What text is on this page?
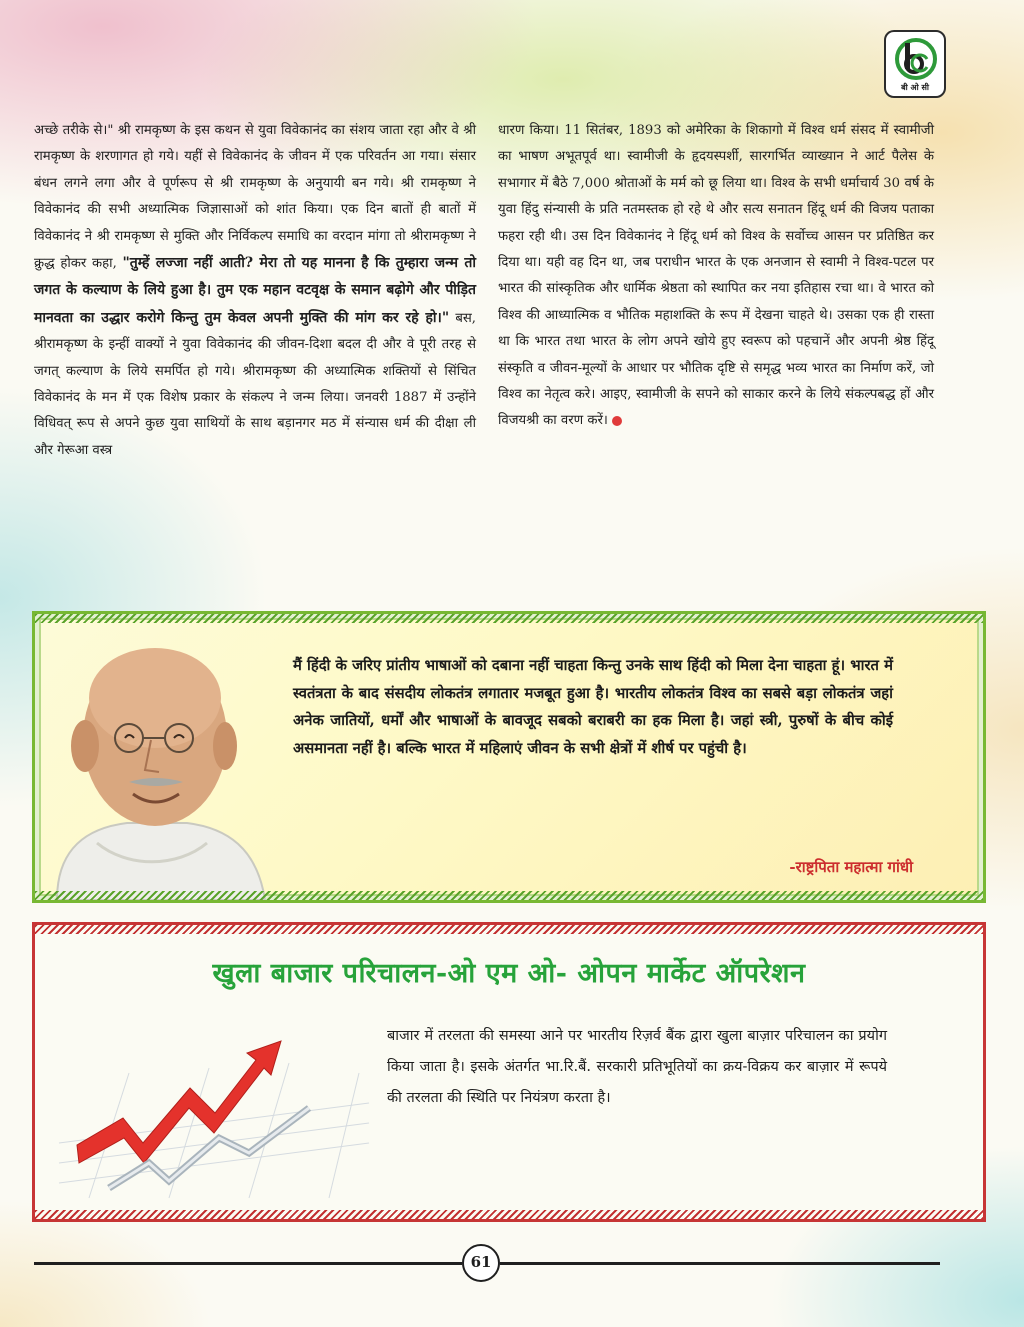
बी ओ सी

अच्छे तरीके से।" श्री रामकृष्ण के इस कथन से युवा विवेकानंद का संशय जाता रहा और वे श्री रामकृष्ण के शरणागत हो गये। यहीं से विवेकानंद के जीवन में एक परिवर्तन आ गया। संसार बंधन लगने लगा और वे पूर्णरूप से श्री रामकृष्ण के अनुयायी बन गये। श्री रामकृष्ण ने विवेकानंद की सभी अध्यात्मिक जिज्ञासाओं को शांत किया। एक दिन बातों ही बातों में विवेकानंद ने श्री रामकृष्ण से मुक्ति और निर्विकल्प समाधि का वरदान मांगा तो श्रीरामकृष्ण ने क्रुद्ध होकर कहा, "तुम्हें लज्जा नहीं आती? मेरा तो यह मानना है कि तुम्हारा जन्म तो जगत के कल्याण के लिये हुआ है। तुम एक महान वटवृक्ष के समान बढ़ोगे और पीड़ित मानवता का उद्धार करोगे किन्तु तुम केवल अपनी मुक्ति की मांग कर रहे हो।" बस, श्रीरामकृष्ण के इन्हीं वाक्यों ने युवा विवेकानंद की जीवन-दिशा बदल दी और वे पूरी तरह से जगत् कल्याण के लिये समर्पित हो गये। श्रीरामकृष्ण की अध्यात्मिक शक्तियों से सिंचित विवेकानंद के मन में एक विशेष प्रकार के संकल्प ने जन्म लिया। जनवरी 1887 में उन्होंने विधिवत् रूप से अपने कुछ युवा साथियों के साथ बड़ानगर मठ में संन्यास धर्म की दीक्षा ली और गेरूआ वस्त्र

धारण किया। 11 सितंबर, 1893 को अमेरिका के शिकागो में विश्व धर्म संसद में स्वामीजी का भाषण अभूतपूर्व था। स्वामीजी के हृदयस्पर्शी, सारगर्भित व्याख्यान ने आर्ट पैलेस के सभागार में बैठे 7,000 श्रोताओं के मर्म को छू लिया था। विश्व के सभी धर्माचार्य 30 वर्ष के युवा हिंदु संन्यासी के प्रति नतमस्तक हो रहे थे और सत्य सनातन हिंदू धर्म की विजय पताका फहरा रही थी। उस दिन विवेकानंद ने हिंदू धर्म को विश्व के सर्वोच्च आसन पर प्रतिष्ठित कर दिया था। यही वह दिन था, जब पराधीन भारत के एक अनजान से स्वामी ने विश्व-पटल पर भारत की सांस्कृतिक और धार्मिक श्रेष्ठता को स्थापित कर नया इतिहास रचा था। वे भारत को विश्व की आध्यात्मिक व भौतिक महाशक्ति के रूप में देखना चाहते थे। उसका एक ही रास्ता था कि भारत तथा भारत के लोग अपने खोये हुए स्वरूप को पहचानें और अपनी श्रेष्ठ हिंदू संस्कृति व जीवन-मूल्यों के आधार पर भौतिक दृष्टि से समृद्ध भव्य भारत का निर्माण करें, जो विश्व का नेतृत्व करे। आइए, स्वामीजी के सपने को साकार करने के लिये संकल्पबद्ध हों और विजयश्री का वरण करें।

मैं हिंदी के जरिए प्रांतीय भाषाओं को दबाना नहीं चाहता किन्तु उनके साथ हिंदी को मिला देना चाहता हूं। भारत में स्वतंत्रता के बाद संसदीय लोकतंत्र लगातार मजबूत हुआ है। भारतीय लोकतंत्र विश्व का सबसे बड़ा लोकतंत्र जहां अनेक जातियों, धर्मों और भाषाओं के बावजूद सबको बराबरी का हक मिला है। जहां स्त्री, पुरुषों के बीच कोई असमानता नहीं है। बल्कि भारत में महिलाएं जीवन के सभी क्षेत्रों में शीर्ष पर पहुंची है।
-राष्ट्रपिता महात्मा गांधी
खुला बाजार परिचालन-ओ एम ओ- ओपन मार्केट ऑपरेशन
बाजार में तरलता की समस्या आने पर भारतीय रिज़र्व बैंक द्वारा खुला बाज़ार परिचालन का प्रयोग किया जाता है। इसके अंतर्गत भा.रि.बैं. सरकारी प्रतिभूतियों का क्रय-विक्रय कर बाज़ार में रूपये की तरलता की स्थिति पर नियंत्रण करता है।
61
